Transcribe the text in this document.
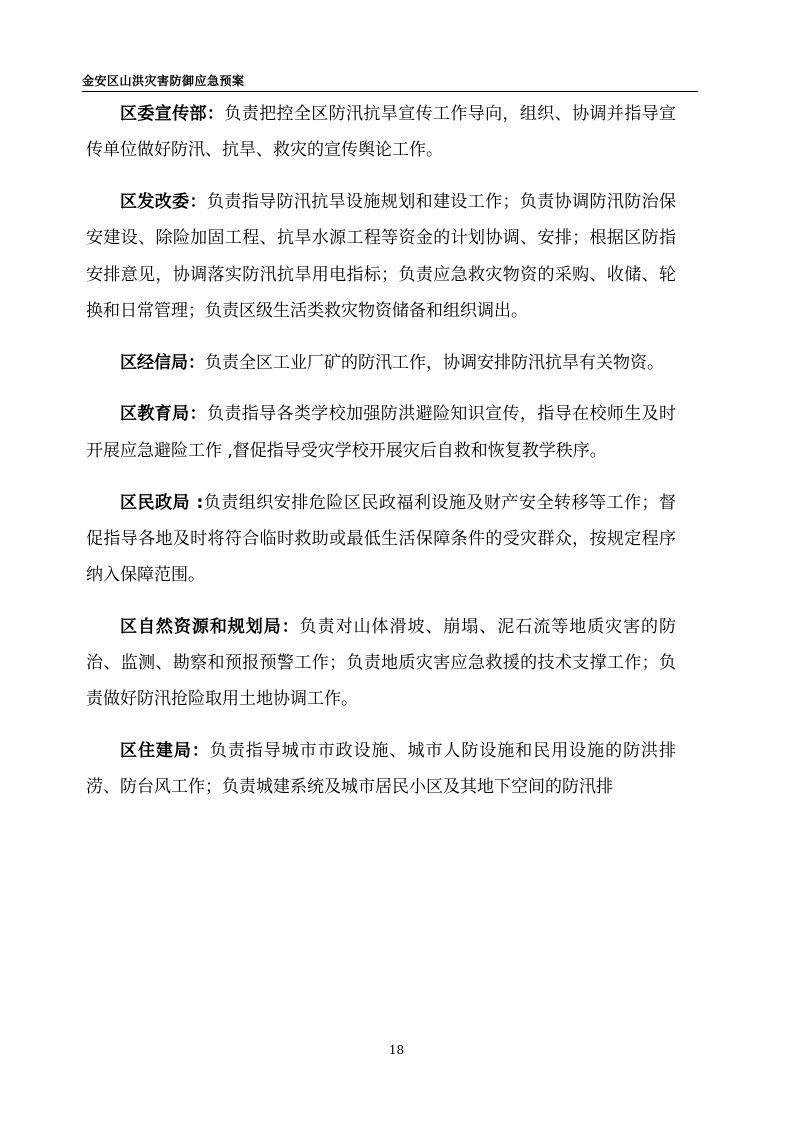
金安区山洪灾害防御应急预案

区委宣传部：负责把控全区防汛抗旱宣传工作导向，组织、协调并指导宣传单位做好防汛、抗旱、救灾的宣传舆论工作。

区发改委：负责指导防汛抗旱设施规划和建设工作；负责协调防汛防治保安建设、除险加固工程、抗旱水源工程等资金的计划协调、安排；根据区防指安排意见，协调落实防汛抗旱用电指标；负责应急救灾物资的采购、收储、轮换和日常管理；负责区级生活类救灾物资储备和组织调出。

区经信局：负责全区工业厂矿的防汛工作，协调安排防汛抗旱有关物资。

区教育局：负责指导各类学校加强防洪避险知识宣传，指导在校师生及时开展应急避险工作 ,督促指导受灾学校开展灾后自救和恢复教学秩序。

区民政局 :负责组织安排危险区民政福利设施及财产安全转移等工作；督促指导各地及时将符合临时救助或最低生活保障条件的受灾群众，按规定程序纳入保障范围。

区自然资源和规划局：负责对山体滑坡、崩塌、泥石流等地质灾害的防治、监测、勘察和预报预警工作；负责地质灾害应急救援的技术支撑工作；负责做好防汛抢险取用土地协调工作。

区住建局：负责指导城市市政设施、城市人防设施和民用设施的防洪排涝、防台风工作；负责城建系统及城市居民小区及其地下空间的防汛排

18
